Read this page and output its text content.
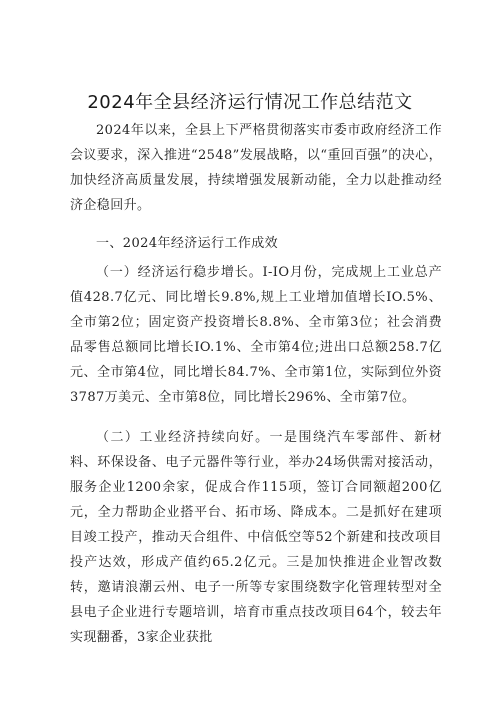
2024年全县经济运行情况工作总结范文
2024年以来，全县上下严格贯彻落实市委市政府经济工作会议要求，深入推进“2548”发展战略，以“重回百强”的决心，加快经济高质量发展，持续增强发展新动能，全力以赴推动经济企稳回升。
一、2024年经济运行工作成效
（一）经济运行稳步增长。I-IO月份，完成规上工业总产值428.7亿元、同比增长9.8%,规上工业增加值增长IO.5%、全市第2位；固定资产投资增长8.8%、全市第3位；社会消费品零售总额同比增长IO.1%、全市第4位;进出口总额258.7亿元、全市第4位，同比增长84.7%、全市第1位，实际到位外资3787万美元、全市第8位，同比增长296%、全市第7位。
（二）工业经济持续向好。一是围绕汽车零部件、新材料、环保设备、电子元器件等行业，举办24场供需对接活动，服务企业1200余家，促成合作115项，签订合同额超200亿元，全力帮助企业搭平台、拓市场、降成本。二是抓好在建项目竣工投产，推动天合组件、中信低空等52个新建和技改项目投产达效，形成产值约65.2亿元。三是加快推进企业智改数转，邀请浪潮云州、电子一所等专家围绕数字化管理转型对全县电子企业进行专题培训，培育市重点技改项目64个，较去年实现翻番，3家企业获批
